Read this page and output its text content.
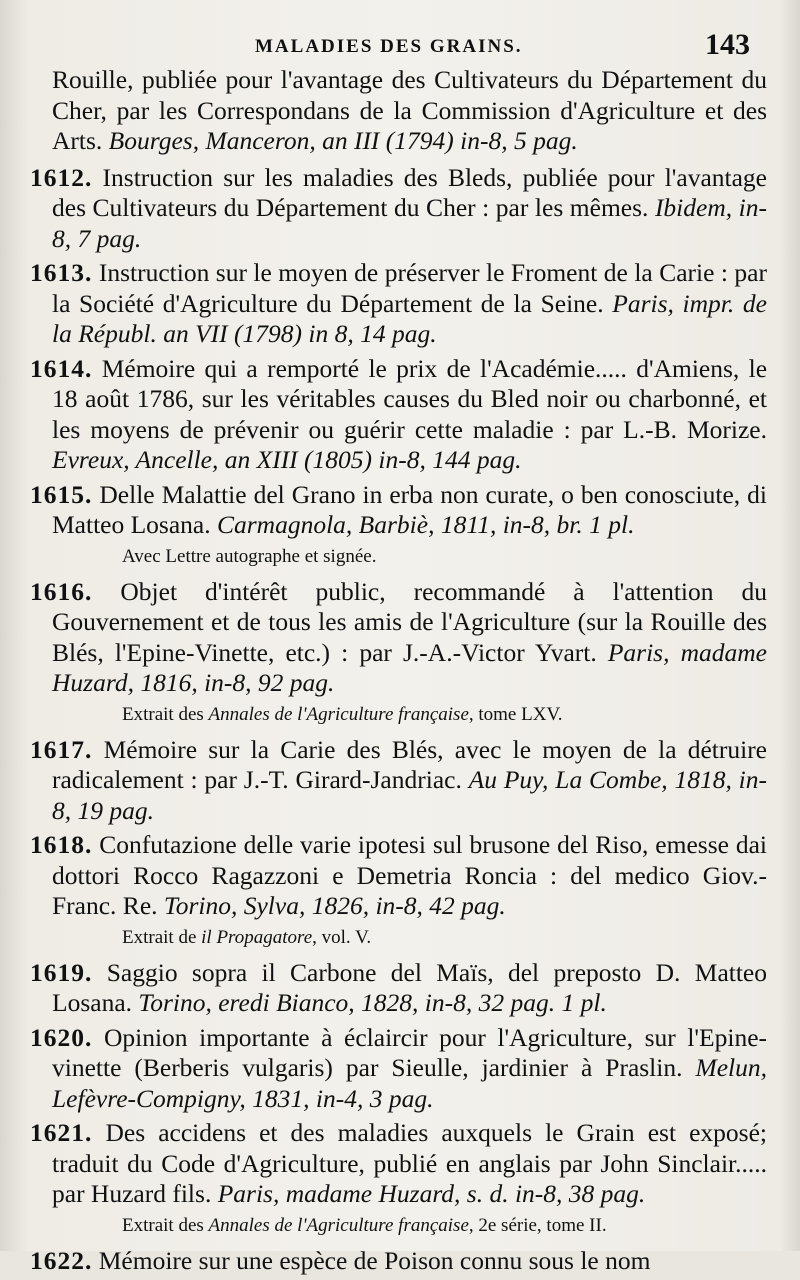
MALADIES DES GRAINS.	143

Rouille, publiée pour l'avantage des Cultivateurs du Département du Cher, par les Correspondans de la Commission d'Agriculture et des Arts. Bourges, Manceron, an III (1794) in-8, 5 pag.

1612. Instruction sur les maladies des Bleds, publiée pour l'avantage des Cultivateurs du Département du Cher : par les mêmes. Ibidem, in-8, 7 pag.

1613. Instruction sur le moyen de préserver le Froment de la Carie : par la Société d'Agriculture du Département de la Seine. Paris, impr. de la Républ. an VII (1798) in 8, 14 pag.

1614. Mémoire qui a remporté le prix de l'Académie..... d'Amiens, le 18 août 1786, sur les véritables causes du Bled noir ou charbonné, et les moyens de prévenir ou guérir cette maladie : par L.-B. Morize. Evreux, Ancelle, an XIII (1805) in-8, 144 pag.

1615. Delle Malattie del Grano in erba non curate, o ben conosciute, di Matteo Losana. Carmagnola, Barbiè, 1811, in-8, br. 1 pl.

Avec Lettre autographe et signée.

1616. Objet d'intérêt public, recommandé à l'attention du Gouvernement et de tous les amis de l'Agriculture (sur la Rouille des Blés, l'Epine-Vinette, etc.) : par J.-A.-Victor Yvart. Paris, madame Huzard, 1816, in-8, 92 pag.

Extrait des Annales de l'Agriculture française, tome LXV.

1617. Mémoire sur la Carie des Blés, avec le moyen de la détruire radicalement : par J.-T. Girard-Jandriac. Au Puy, La Combe, 1818, in-8, 19 pag.

1618. Confutazione delle varie ipotesi sul brusone del Riso, emesse dai dottori Rocco Ragazzoni e Demetria Roncia : del medico Giov.-Franc. Re. Torino, Sylva, 1826, in-8, 42 pag.

Extrait de il Propagatore, vol. V.

1619. Saggio sopra il Carbone del Maïs, del preposto D. Matteo Losana. Torino, eredi Bianco, 1828, in-8, 32 pag. 1 pl.

1620. Opinion importante à éclaircir pour l'Agriculture, sur l'Epine-vinette (Berberis vulgaris) par Sieulle, jardinier à Praslin. Melun, Lefèvre-Compigny, 1831, in-4, 3 pag.

1621. Des accidens et des maladies auxquels le Grain est exposé; traduit du Code d'Agriculture, publié en anglais par John Sinclair..... par Huzard fils. Paris, madame Huzard, s. d. in-8, 38 pag.

Extrait des Annales de l'Agriculture française, 2e série, tome II.

1622. Mémoire sur une espèce de Poison connu sous le nom
